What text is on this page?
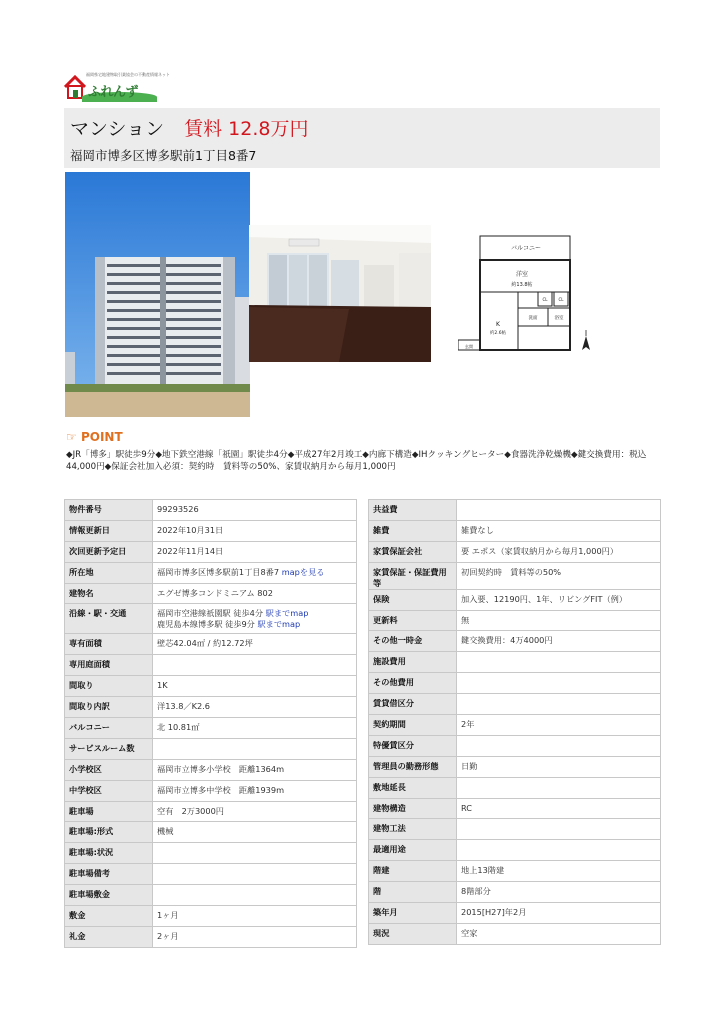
福岡県宅地建物取引業協会の不動産情報ネット
ふれんず
マンション 賃料 12.8万円
福岡市博多区博多駅前1丁目8番7
バルコニー
洋室
約13.8帖
K
約2.6帖
CL	CL
洗面	浴室
玄関
☞ POINT
◆JR「博多」駅徒歩9分◆地下鉄空港線「祇園」駅徒歩4分◆平成27年2月竣工◆内廊下構造◆IHクッキングヒーター◆食器洗浄乾燥機◆鍵交換費用：税込44,000円◆保証会社加入必須：契約時　賃料等の50%、家賃収納月から毎月1,000円
物件番号	99293526
情報更新日	2022年10月31日
次回更新予定日	2022年11月14日
所在地	福岡市博多区博多駅前1丁目8番7 mapを見る
建物名	エグゼ博多コンドミニアム 802
沿線・駅・交通	福岡市空港線祇園駅 徒歩4分 駅までmap
鹿児島本線博多駅 徒歩9分 駅までmap
専有面積	壁芯42.04㎡ / 約12.72坪
専用庭面積	
間取り	1K
間取り内訳	洋13.8／K2.6
バルコニー	北 10.81㎡
サービスルーム数	
小学校区	福岡市立博多小学校　距離1364m
中学校区	福岡市立博多中学校　距離1939m
駐車場	空有　2万3000円
駐車場:形式	機械
駐車場:状況	
駐車場備考	
駐車場敷金	
敷金	1ヶ月
礼金	2ヶ月
共益費	
雑費	雑費なし
家賃保証会社	要 エポス（家賃収納月から毎月1,000円）
家賃保証・保証費用等	初回契約時　賃料等の50%
保険	加入要、12190円、1年、リビングFIT（例）
更新料	無
その他一時金	鍵交換費用：4万4000円
施設費用	
その他費用	
賃貸借区分	
契約期間	2年
特優賃区分	
管理員の勤務形態	日勤
敷地延長	
建物構造	RC
建物工法	
最適用途	
階建	地上13階建
階	8階部分
築年月	2015[H27]年2月
現況	空家
